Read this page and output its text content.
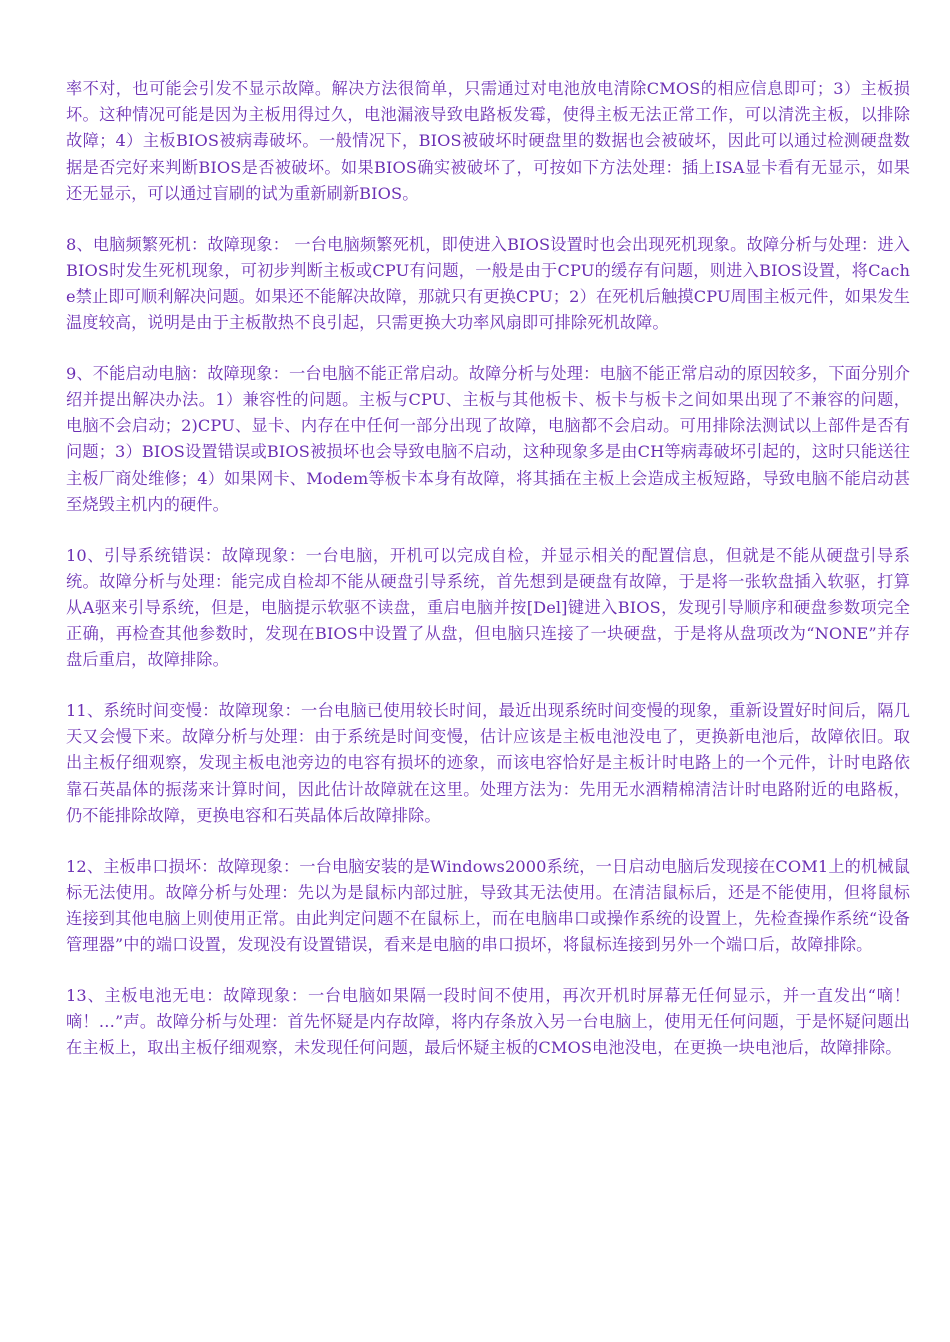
率不对，也可能会引发不显示故障。解决方法很简单，只需通过对电池放电清除CMOS的相应信息即可；3）主板损坏。这种情况可能是因为主板用得过久，电池漏液导致电路板发霉，使得主板无法正常工作，可以清洗主板，以排除故障；4）主板BIOS被病毒破坏。一般情况下，BIOS被破坏时硬盘里的数据也会被破坏，因此可以通过检测硬盘数据是否完好来判断BIOS是否被破坏。如果BIOS确实被破坏了，可按如下方法处理：插上ISA显卡看有无显示，如果还无显示，可以通过盲刷的试为重新刷新BIOS。

8、电脑频繁死机：故障现象： 一台电脑频繁死机，即使进入BIOS设置时也会出现死机现象。故障分析与处理：进入BIOS时发生死机现象，可初步判断主板或CPU有问题，一般是由于CPU的缓存有问题，则进入BIOS设置，将Cache禁止即可顺利解决问题。如果还不能解决故障，那就只有更换CPU；2）在死机后触摸CPU周围主板元件，如果发生温度较高，说明是由于主板散热不良引起，只需更换大功率风扇即可排除死机故障。

9、不能启动电脑：故障现象：一台电脑不能正常启动。故障分析与处理：电脑不能正常启动的原因较多，下面分别介绍并提出解决办法。1）兼容性的问题。主板与CPU、主板与其他板卡、板卡与板卡之间如果出现了不兼容的问题，电脑不会启动；2)CPU、显卡、内存在中任何一部分出现了故障，电脑都不会启动。可用排除法测试以上部件是否有问题；3）BIOS设置错误或BIOS被损坏也会导致电脑不启动，这种现象多是由CH等病毒破坏引起的，这时只能送往主板厂商处维修；4）如果网卡、Modem等板卡本身有故障，将其插在主板上会造成主板短路，导致电脑不能启动甚至烧毁主机内的硬件。

10、引导系统错误：故障现象：一台电脑，开机可以完成自检，并显示相关的配置信息，但就是不能从硬盘引导系统。故障分析与处理：能完成自检却不能从硬盘引导系统，首先想到是硬盘有故障，于是将一张软盘插入软驱，打算从A驱来引导系统，但是，电脑提示软驱不读盘，重启电脑并按[Del]键进入BIOS，发现引导顺序和硬盘参数项完全正确，再检查其他参数时，发现在BIOS中设置了从盘，但电脑只连接了一块硬盘，于是将从盘项改为“NONE”并存盘后重启，故障排除。

11、系统时间变慢：故障现象：一台电脑已使用较长时间，最近出现系统时间变慢的现象，重新设置好时间后，隔几天又会慢下来。故障分析与处理：由于系统是时间变慢，估计应该是主板电池没电了，更换新电池后，故障依旧。取出主板仔细观察，发现主板电池旁边的电容有损坏的迹象，而该电容恰好是主板计时电路上的一个元件，计时电路依靠石英晶体的振荡来计算时间，因此估计故障就在这里。处理方法为：先用无水酒精棉清洁计时电路附近的电路板，仍不能排除故障，更换电容和石英晶体后故障排除。

12、主板串口损坏：故障现象：一台电脑安装的是Windows2000系统，一日启动电脑后发现接在COM1上的机械鼠标无法使用。故障分析与处理：先以为是鼠标内部过脏，导致其无法使用。在清洁鼠标后，还是不能使用，但将鼠标连接到其他电脑上则使用正常。由此判定问题不在鼠标上，而在电脑串口或操作系统的设置上，先检查操作系统“设备管理器”中的端口设置，发现没有设置错误，看来是电脑的串口损坏，将鼠标连接到另外一个端口后，故障排除。

13、主板电池无电：故障现象：一台电脑如果隔一段时间不使用，再次开机时屏幕无任何显示，并一直发出“嘀！嘀！…”声。故障分析与处理：首先怀疑是内存故障，将内存条放入另一台电脑上，使用无任何问题，于是怀疑问题出在主板上，取出主板仔细观察，未发现任何问题，最后怀疑主板的CMOS电池没电，在更换一块电池后，故障排除。
